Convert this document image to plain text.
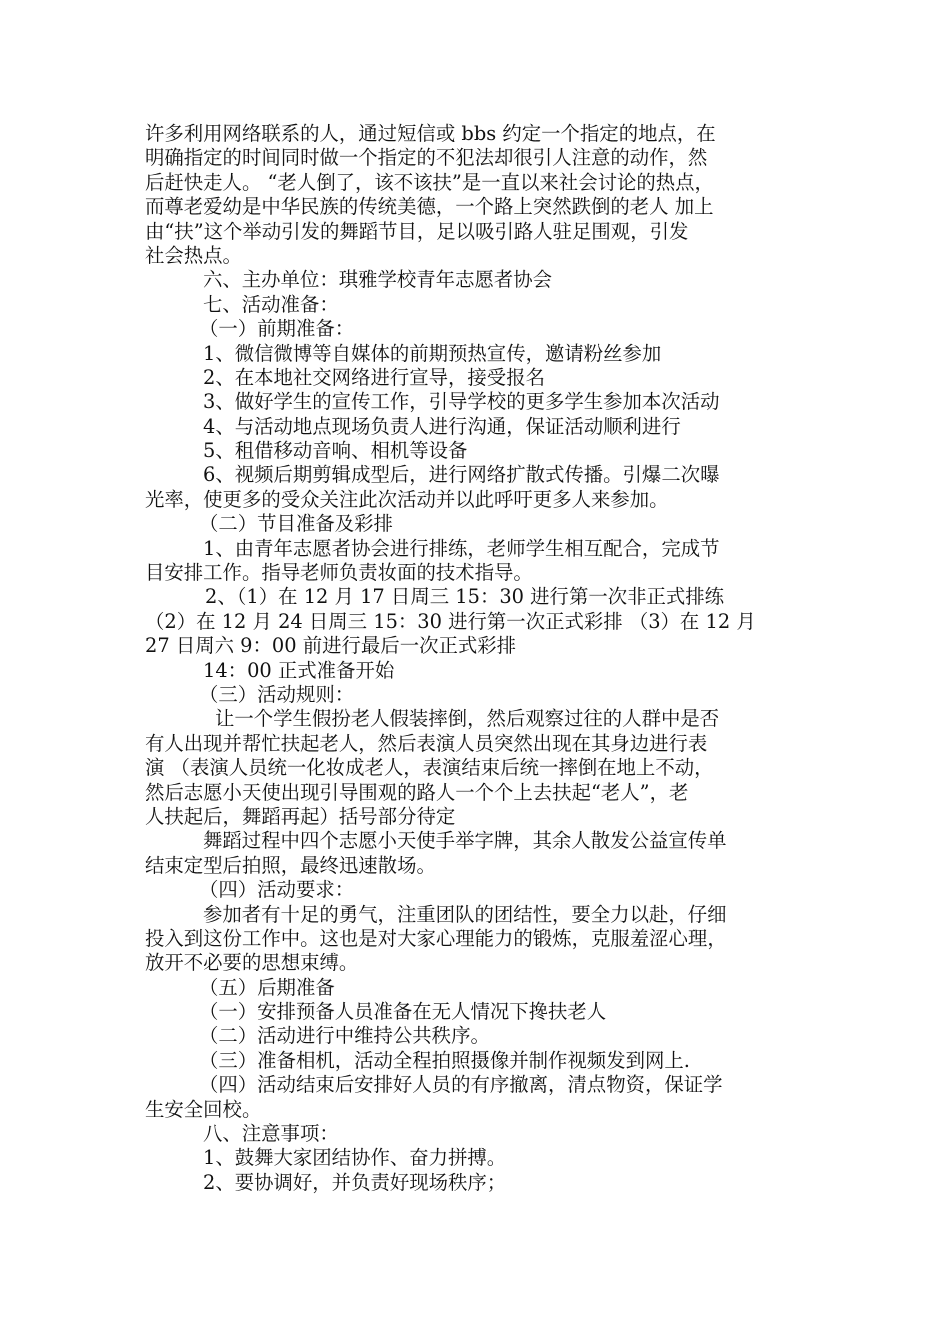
许多利用网络联系的人，通过短信或 bbs 约定一个指定的地点，在
明确指定的时间同时做一个指定的不犯法却很引人注意的动作，然
后赶快走人。 “老人倒了，该不该扶”是一直以来社会讨论的热点，
而尊老爱幼是中华民族的传统美德，一个路上突然跌倒的老人 加上
由“扶”这个举动引发的舞蹈节目，足以吸引路人驻足围观，引发
社会热点。
六、主办单位：琪雅学校青年志愿者协会
七、活动准备：
（一）前期准备：
1、微信微博等自媒体的前期预热宣传，邀请粉丝参加
2、在本地社交网络进行宣导，接受报名
3、做好学生的宣传工作，引导学校的更多学生参加本次活动
4、与活动地点现场负责人进行沟通，保证活动顺利进行
5、租借移动音响、相机等设备
6、视频后期剪辑成型后，进行网络扩散式传播。引爆二次曝
光率，使更多的受众关注此次活动并以此呼吁更多人来参加。
（二）节目准备及彩排
1、由青年志愿者协会进行排练，老师学生相互配合，完成节
目安排工作。指导老师负责妆面的技术指导。
2、（1）在 12 月 17 日周三 15：30 进行第一次非正式排练
（2）在 12 月 24 日周三 15：30 进行第一次正式彩排 （3）在 12 月
27 日周六 9：00 前进行最后一次正式彩排
14：00 正式准备开始
（三）活动规则：
让一个学生假扮老人假装摔倒，然后观察过往的人群中是否
有人出现并帮忙扶起老人，然后表演人员突然出现在其身边进行表
演 （表演人员统一化妆成老人，表演结束后统一摔倒在地上不动，
然后志愿小天使出现引导围观的路人一个个上去扶起“老人”，老
人扶起后，舞蹈再起）括号部分待定
舞蹈过程中四个志愿小天使手举字牌，其余人散发公益宣传单
结束定型后拍照，最终迅速散场。
（四）活动要求：
参加者有十足的勇气，注重团队的团结性，要全力以赴，仔细
投入到这份工作中。这也是对大家心理能力的锻炼，克服羞涩心理，
放开不必要的思想束缚。
（五）后期准备
（一）安排预备人员准备在无人情况下搀扶老人
（二）活动进行中维持公共秩序。
（三）准备相机，活动全程拍照摄像并制作视频发到网上.
（四）活动结束后安排好人员的有序撤离，清点物资，保证学
生安全回校。
八、注意事项：
1、鼓舞大家团结协作、奋力拼搏。
2、要协调好，并负责好现场秩序；
